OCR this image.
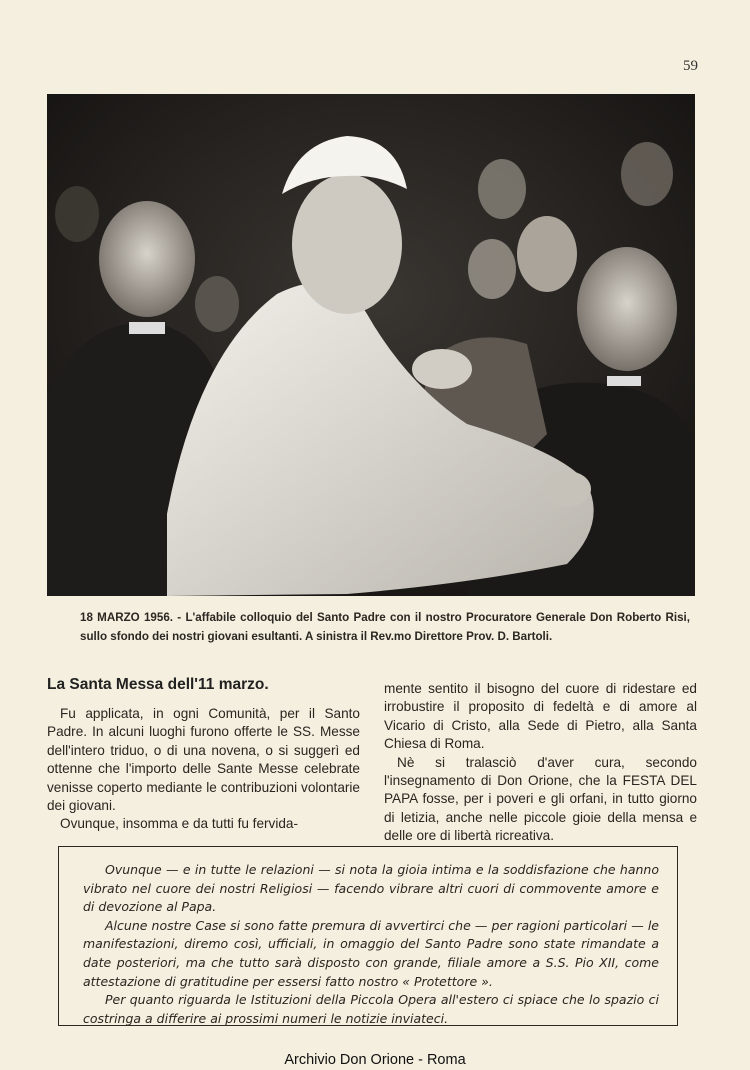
59
18 MARZO 1956. - L'affabile colloquio del Santo Padre con il nostro Procuratore Generale Don Roberto Risi, sullo sfondo dei nostri giovani esultanti. A sinistra il Rev.mo Direttore Prov. D. Bartoli.
La Santa Messa dell'11 marzo.

Fu applicata, in ogni Comunità, per il Santo Padre. In alcuni luoghi furono offerte le SS. Messe dell'intero triduo, o di una novena, o si suggerì ed ottenne che l'importo delle Sante Messe celebrate venisse coperto mediante le contribuzioni volontarie dei giovani.

Ovunque, insomma e da tutti fu fervida-

mente sentito il bisogno del cuore di ridestare ed irrobustire il proposito di fedeltà e di amore al Vicario di Cristo, alla Sede di Pietro, alla Santa Chiesa di Roma.

Nè si tralasciò d'aver cura, secondo l'insegnamento di Don Orione, che la FESTA DEL PAPA fosse, per i poveri e gli orfani, in tutto giorno di letizia, anche nelle piccole gioie della mensa e delle ore di libertà ricreativa.

Ovunque — e in tutte le relazioni — si nota la gioia intima e la soddisfazione che hanno vibrato nel cuore dei nostri Religiosi — facendo vibrare altri cuori di commovente amore e di devozione al Papa.

Alcune nostre Case si sono fatte premura di avvertirci che — per ragioni particolari — le manifestazioni, diremo così, ufficiali, in omaggio del Santo Padre sono state rimandate a date posteriori, ma che tutto sarà disposto con grande, filiale amore a S.S. Pio XII, come attestazione di gratitudine per essersi fatto nostro « Protettore ».

Per quanto riguarda le Istituzioni della Piccola Opera all'estero ci spiace che lo spazio ci costringa a differire ai prossimi numeri le notizie inviateci.

Archivio Don Orione - Roma
